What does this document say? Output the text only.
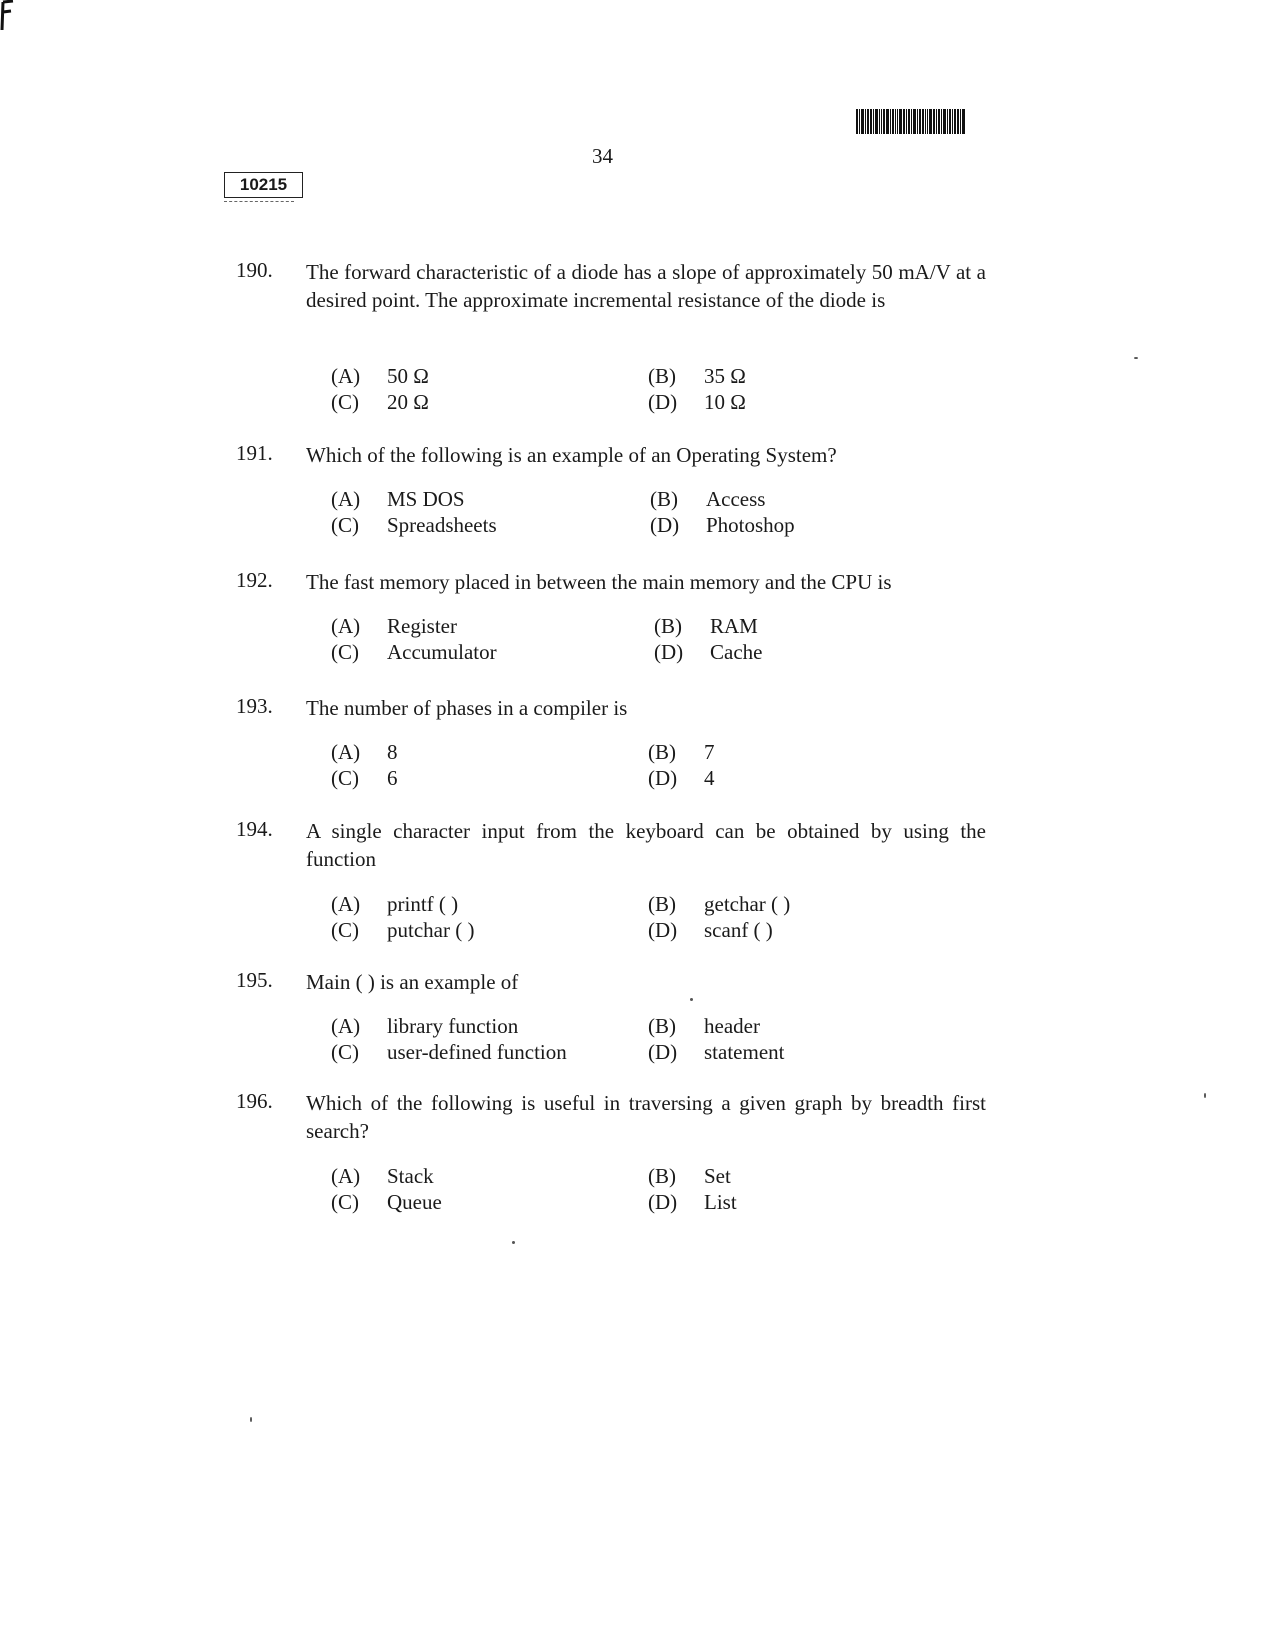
34
10215
190. The forward characteristic of a diode has a slope of approximately 50 mA/V at a desired point. The approximate incremental resistance of the diode is
(A) 50 Ω	(B) 35 Ω
(C) 20 Ω	(D) 10 Ω
191. Which of the following is an example of an Operating System?
(A) MS DOS	(B) Access
(C) Spreadsheets	(D) Photoshop
192. The fast memory placed in between the main memory and the CPU is
(A) Register	(B) RAM
(C) Accumulator	(D) Cache
193. The number of phases in a compiler is
(A) 8	(B) 7
(C) 6	(D) 4
194. A single character input from the keyboard can be obtained by using the function
(A) printf ( )	(B) getchar ( )
(C) putchar ( )	(D) scanf ( )
195. Main ( ) is an example of
(A) library function	(B) header
(C) user-defined function	(D) statement
196. Which of the following is useful in traversing a given graph by breadth first search?
(A) Stack	(B) Set
(C) Queue	(D) List
